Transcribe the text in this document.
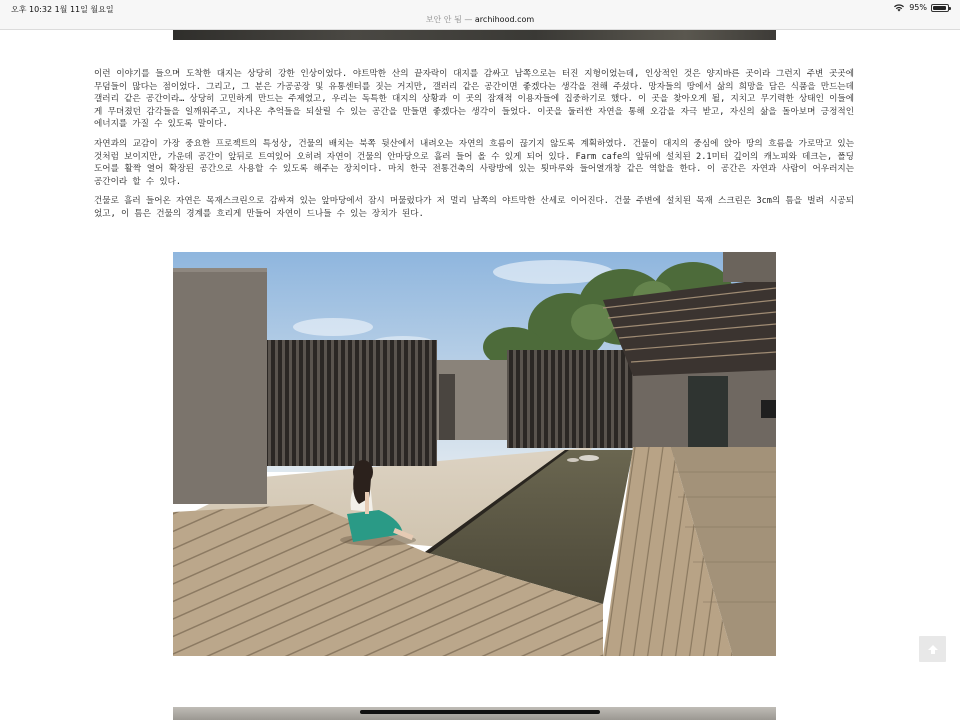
오후 10:32 1월 11일 월요일
보안 안 됨 — archihood.com
95%

이런 이야기를 들으며 도착한 대지는 상당히 강한 인상이었다. 야트막한 산의 끝자락이 대지를 감싸고 남쪽으로는 터진 지형이었는데, 인상적인 것은 양지바른 곳이라 그런지 주변 곳곳에 무덤들이 많다는 점이었다. 그리고, 그 분은 가공공장 및 유통센터를 짓는 거지만, 갤러리 같은 공간이면 좋겠다는 생각을 전해 주셨다. 망자들의 땅에서 삶의 희망을 담은 식품을 만드는데 갤러리 같은 공간이라… 상당히 고민하게 만드는 주제였고, 우리는 독특한 대지의 상황과 이 곳의 잠재적 이용자들에 집중하기로 했다. 이 곳을 찾아오게 될, 지치고 무기력한 상태인 이들에게 무뎌졌던 감각들을 일깨워주고, 지나온 추억들을 되살릴 수 있는 공간을 만들면 좋겠다는 생각이 들었다. 이곳을 둘러싼 자연을 통해 오감을 자극 받고, 자신의 삶을 돌아보며 긍정적인 에너지를 가질 수 있도록 말이다.

자연과의 교감이 가장 중요한 프로젝트의 특성상, 건물의 배치는 북쪽 뒷산에서 내려오는 자연의 흐름이 끊기지 않도록 계획하였다. 건물이 대지의 중심에 앉아 땅의 흐름을 가로막고 있는 것처럼 보이지만, 가운데 공간이 앞뒤로 트여있어 오히려 자연이 건물의 안마당으로 흘러 들어 올 수 있게 되어 있다. Farm cafe의 앞뒤에 설치된 2.1미터 깊이의 캐노피와 데크는, 폴딩도어를 활짝 열어 확장된 공간으로 사용할 수 있도록 해주는 장치이다. 마치 한국 전통건축의 사랑방에 있는 툇마루와 들어열개창 같은 역할을 한다. 이 공간은 자연과 사람이 어우러지는 공간이라 할 수 있다.

건물로 흘러 들어온 자연은 목재스크린으로 감싸져 있는 앞마당에서 잠시 머물렀다가 저 멀리 남쪽의 야트막한 산세로 이어진다. 건물 주변에 설치된 목재 스크린은 3cm의 틈을 벌려 시공되었고, 이 틈은 건물의 경계를 흐리게 만들어 자연이 드나들 수 있는 장치가 된다.
